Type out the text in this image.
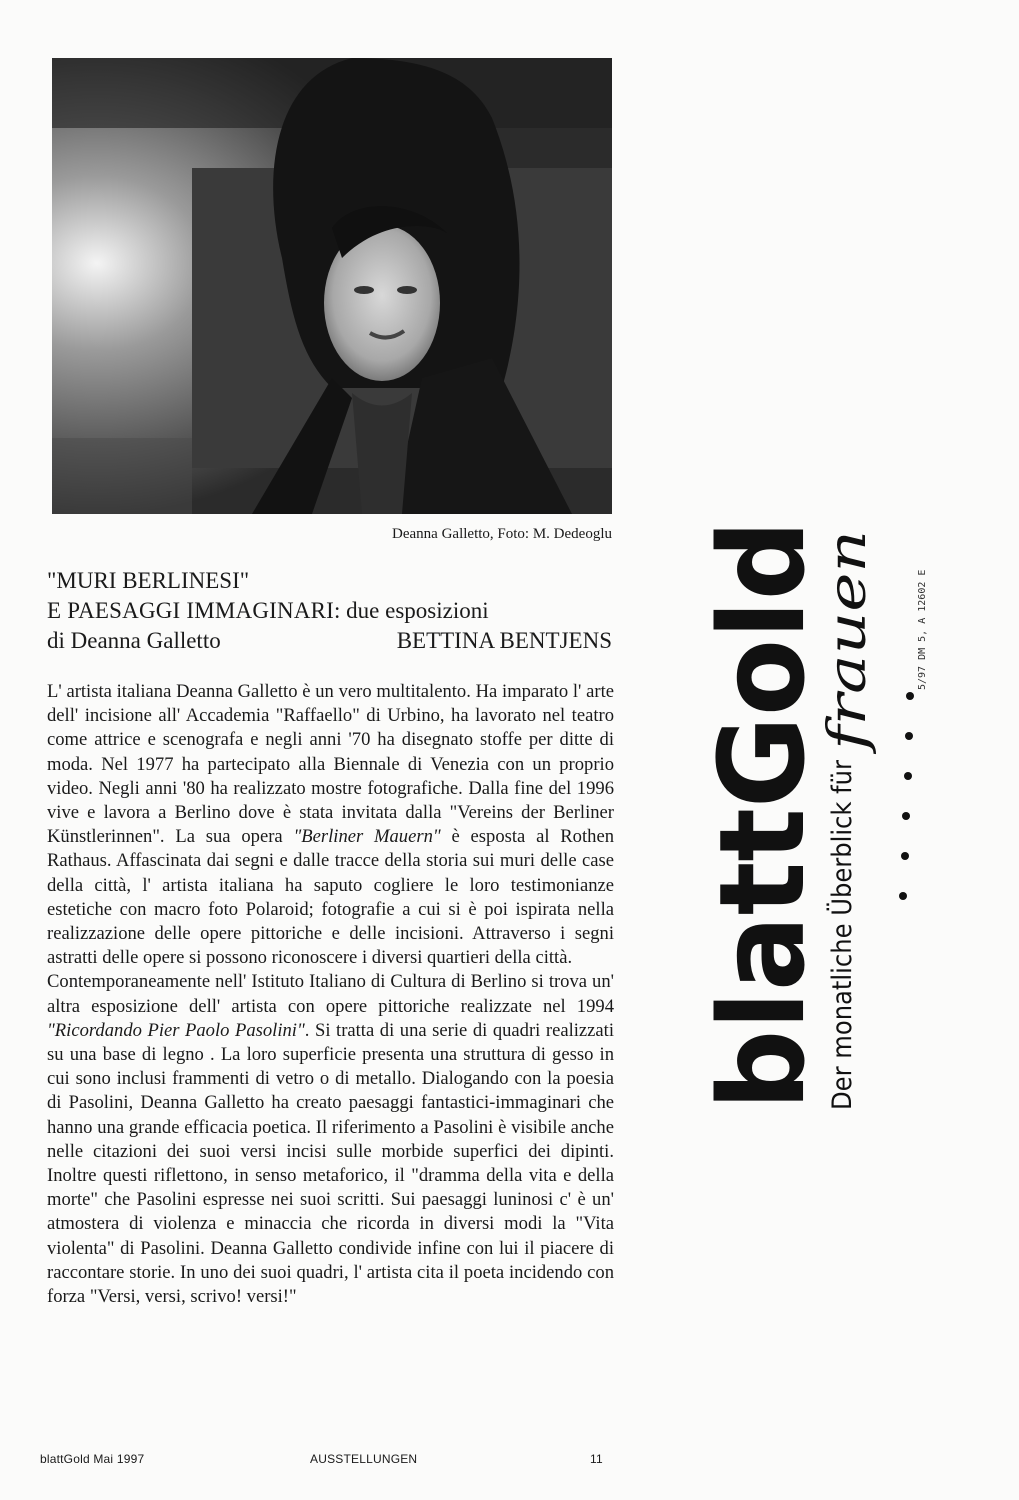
Deanna Galletto, Foto: M. Dedeoglu
"MURI BERLINESI"
E PAESAGGI IMMAGINARI: due esposizioni
di Deanna Galletto	BETTINA BENTJENS

L' artista italiana Deanna Galletto è un vero multitalento. Ha imparato l' arte dell' incisione all' Accademia "Raffaello" di Urbino, ha lavorato nel teatro come attrice e scenografa e negli anni '70 ha disegnato stoffe per ditte di moda. Nel 1977 ha partecipato alla Biennale di Venezia con un proprio video. Negli anni '80 ha realizzato mostre fotografiche. Dalla fine del 1996 vive e lavora a Berlino dove è stata invitata dalla "Vereins der Berliner Künstlerinnen". La sua opera "Berliner Mauern" è esposta al Rothen Rathaus. Affascinata dai segni e dalle tracce della storia sui muri delle case della città, l' artista italiana ha saputo cogliere le loro testimonianze estetiche con macro foto Polaroid; fotografie a cui si è poi ispirata nella realizzazione delle opere pittoriche e delle incisioni. Attraverso i segni astratti delle opere si possono riconoscere i diversi quartieri della città.

Contemporaneamente nell' Istituto Italiano di Cultura di Berlino si trova un' altra esposizione dell' artista con opere pittoriche realizzate nel 1994 "Ricordando Pier Paolo Pasolini". Si tratta di una serie di quadri realizzati su una base di legno . La loro superficie presenta una struttura di gesso in cui sono inclusi frammenti di vetro o di metallo. Dialogando con la poesia di Pasolini, Deanna Galletto ha creato paesaggi fantastici-immaginari che hanno una grande efficacia poetica. Il riferimento a Pasolini è visibile anche nelle citazioni dei suoi versi incisi sulle morbide superfici dei dipinti. Inoltre questi riflettono, in senso metaforico, il "dramma della vita e della morte" che Pasolini espresse nei suoi scritti. Sui paesaggi luninosi c' è un' atmostera di violenza e minaccia che ricorda in diversi modi la "Vita violenta" di Pasolini. Deanna Galletto condivide infine con lui il piacere di raccontare storie. In uno dei suoi quadri, l' artista cita il poeta incidendo con forza "Versi, versi, scrivo! versi!"

blattGold
Der monatliche Überblick für
frauen	5/97 DM 5, A 12602 E
blattGold Mai 1997	AUSSTELLUNGEN	11
